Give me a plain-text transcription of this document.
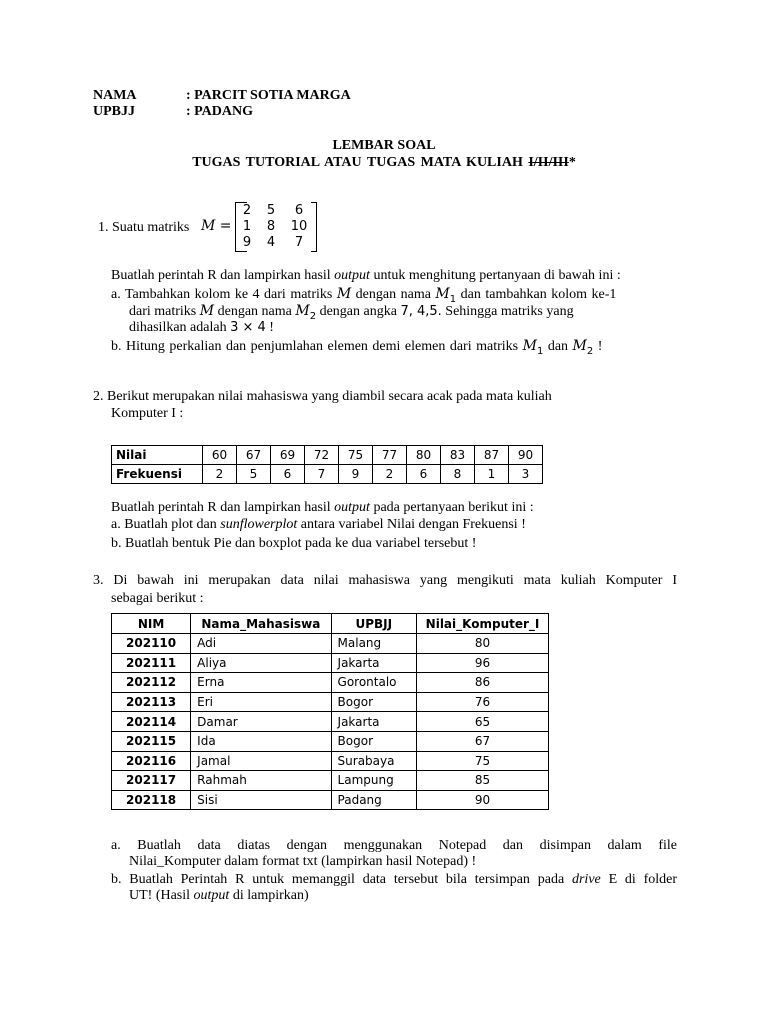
NAMA	: PARCIT SOTIA MARGA
UPBJJ	: PADANG
LEMBAR SOAL
TUGAS TUTORIAL ATAU TUGAS MATA KULIAH I/II/III*
1. Suatu matriks M =
2	5	6
1	8	10
9	4	7
Buatlah perintah R dan lampirkan hasil output untuk menghitung pertanyaan di bawah ini :
a. Tambahkan kolom ke 4 dari matriks M dengan nama $M_1$ dan tambahkan kolom ke-1
dari matriks M dengan nama $M_2$ dengan angka 7, 4,5. Sehingga matriks yang
dihasilkan adalah 3 × 4 !
b. Hitung perkalian dan penjumlahan elemen demi elemen dari matriks $M_1$ dan $M_2$ !
2. Berikut merupakan nilai mahasiswa yang diambil secara acak pada mata kuliah
Komputer I :
Nilai	60	67	69	72	75	77	80	83	87	90
Frekuensi	2	5	6	7	9	2	6	8	1	3
Buatlah perintah R dan lampirkan hasil output pada pertanyaan berikut ini :
a. Buatlah plot dan sunflowerplot antara variabel Nilai dengan Frekuensi !
b. Buatlah bentuk Pie dan boxplot pada ke dua variabel tersebut !
3. Di bawah ini merupakan data nilai mahasiswa yang mengikuti mata kuliah Komputer I
sebagai berikut :
NIM	Nama_Mahasiswa	UPBJJ	Nilai_Komputer_I
202110	Adi	Malang	80
202111	Aliya	Jakarta	96
202112	Erna	Gorontalo	86
202113	Eri	Bogor	76
202114	Damar	Jakarta	65
202115	Ida	Bogor	67
202116	Jamal	Surabaya	75
202117	Rahmah	Lampung	85
202118	Sisi	Padang	90
a. Buatlah data diatas dengan menggunakan Notepad dan disimpan dalam file
Nilai_Komputer dalam format txt (lampirkan hasil Notepad) !
b. Buatlah Perintah R untuk memanggil data tersebut bila tersimpan pada drive E di folder
UT! (Hasil output di lampirkan)
